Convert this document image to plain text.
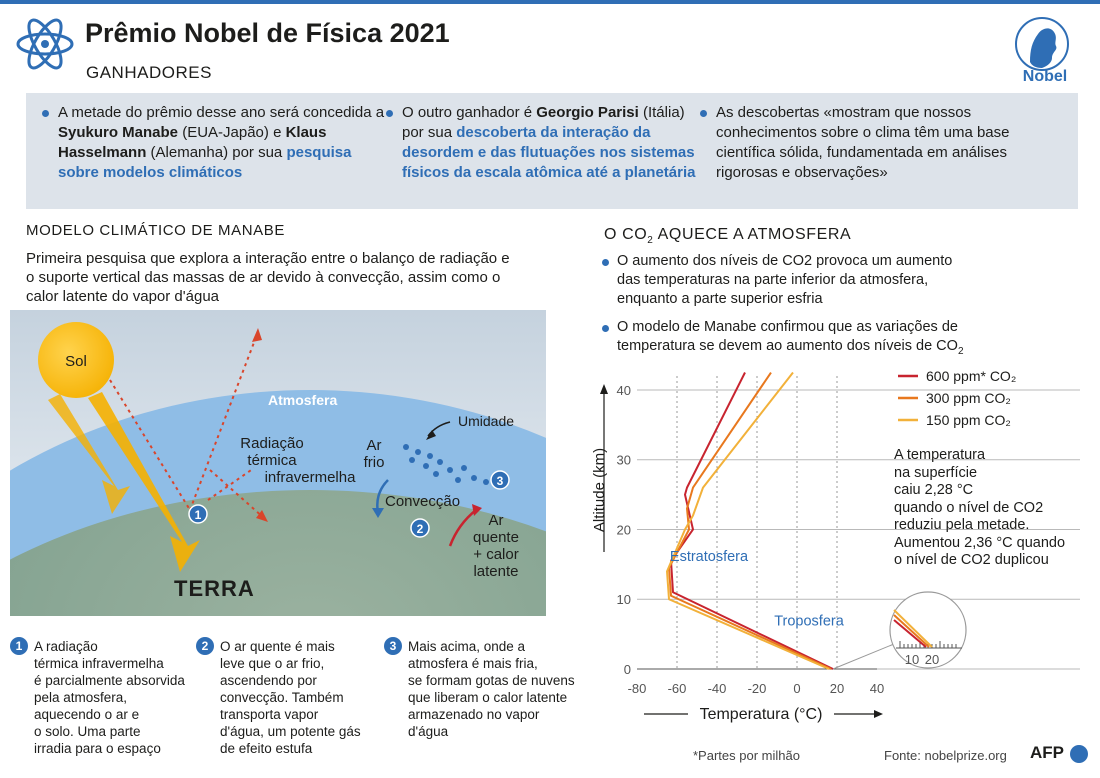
Prêmio Nobel de Física 2021
GANHADORES	Nobel
A metade do prêmio desse ano será concedida a Syukuro Manabe (EUA-Japão) e Klaus Hasselmann (Alemanha) por sua pesquisa sobre modelos climáticos
O outro ganhador é Georgio Parisi (Itália) por sua descoberta da interação da desordem e das flutuações nos sistemas físicos da escala atômica até a planetária
As descobertas «mostram que nossos conhecimentos sobre o clima têm uma base científica sólida, fundamentada em análises rigorosas e observações»
MODELO CLIMÁTICO DE MANABE
Primeira pesquisa que explora a interação entre o balanço de radiação e o suporte vertical das massas de ar devido à convecção, assim como o calor latente do vapor d'água
Sol
Atmosfera
Radiação
térmica
infravermelha
Umidade
Ar
frio
Convecção
Ar
quente
+ calor
latente
1
2
3
TERRA
1 A radiação
térmica infravermelha
é parcialmente absorvida
pela atmosfera,
aquecendo o ar e
o solo. Uma parte
irradia para o espaço
2 O ar quente é mais
leve que o ar frio,
ascendendo por
convecção. Também
transporta vapor
d'água, um potente gás
de efeito estufa
3 Mais acima, onde a
atmosfera é mais fria,
se formam gotas de nuvens
que liberam o calor latente
armazenado no vapor
d'água
O $CO_2$ AQUECE A ATMOSFERA
O aumento dos níveis de CO2 provoca um aumento das temperaturas na parte inferior da atmosfera, enquanto a parte superior esfria
O modelo de Manabe confirmou que as variações de temperatura se devem ao aumento dos níveis de $CO_2$
Altitude (km)
Temperatura (°C)
10 20
0
10
20
30
40
-80 -60 -40 -20 0 20 40
Estratosfera
Troposfera
600 ppm* CO₂
300 ppm CO₂
150 ppm CO₂
A temperatura
na superfície
caiu 2,28 °C
quando o nível de CO2
reduziu pela metade.
Aumentou 2,36 °C quando
o nível de CO2 duplicou
*Partes por milhão	Fonte: nobelprize.org AFP
